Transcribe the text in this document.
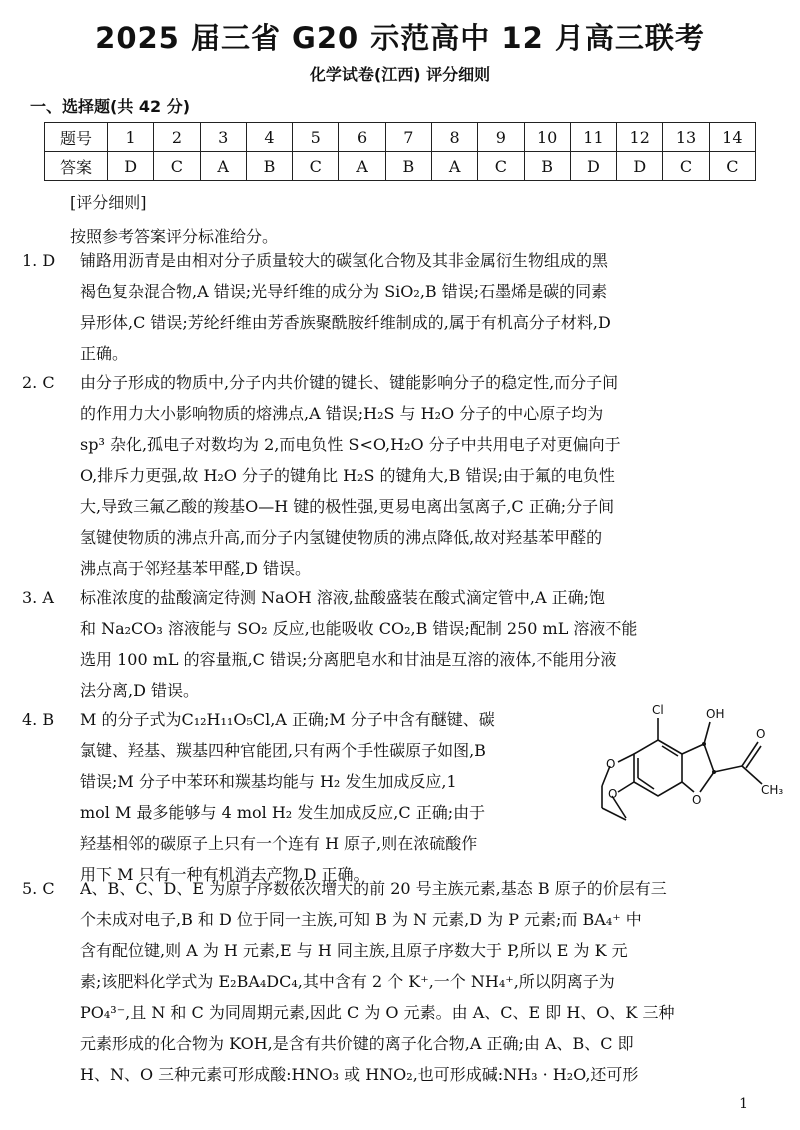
2025 届三省 G20 示范高中 12 月高三联考
化学试卷(江西) 评分细则
一、选择题(共 42 分)
题号	1	2	3	4	5	6	7	8	9	10	11	12	13	14
答案	D	C	A	B	C	A	B	A	C	B	D	D	C	C
[评分细则]
按照参考答案评分标准给分。
1. D	铺路用沥青是由相对分子质量较大的碳氢化合物及其非金属衍生物组成的黑
褐色复杂混合物,A 错误;光导纤维的成分为 SiO₂,B 错误;石墨烯是碳的同素
异形体,C 错误;芳纶纤维由芳香族聚酰胺纤维制成的,属于有机高分子材料,D
正确。
2. C	由分子形成的物质中,分子内共价键的键长、键能影响分子的稳定性,而分子间
的作用力大小影响物质的熔沸点,A 错误;H₂S 与 H₂O 分子的中心原子均为
sp³ 杂化,孤电子对数均为 2,而电负性 S<O,H₂O 分子中共用电子对更偏向于
O,排斥力更强,故 H₂O 分子的键角比 H₂S 的键角大,B 错误;由于氟的电负性
大,导致三氟乙酸的羧基O—H 键的极性强,更易电离出氢离子,C 正确;分子间
氢键使物质的沸点升高,而分子内氢键使物质的沸点降低,故对羟基苯甲醛的
沸点高于邻羟基苯甲醛,D 错误。
3. A	标准浓度的盐酸滴定待测 NaOH 溶液,盐酸盛装在酸式滴定管中,A 正确;饱
和 Na₂CO₃ 溶液能与 SO₂ 反应,也能吸收 CO₂,B 错误;配制 250 mL 溶液不能
选用 100 mL 的容量瓶,C 错误;分离肥皂水和甘油是互溶的液体,不能用分液
法分离,D 错误。
4. B	M 的分子式为C₁₂H₁₁O₅Cl,A 正确;M 分子中含有醚键、碳
氯键、羟基、羰基四种官能团,只有两个手性碳原子如图,B
错误;M 分子中苯环和羰基均能与 H₂ 发生加成反应,1
mol M 最多能够与 4 mol H₂ 发生加成反应,C 正确;由于
羟基相邻的碳原子上只有一个连有 H 原子,则在浓硫酸作
用下 M 只有一种有机消去产物,D 正确。
Cl	OH
O
CH₃
O
O
O
5. C	A、B、C、D、E 为原子序数依次增大的前 20 号主族元素,基态 B 原子的价层有三
个未成对电子,B 和 D 位于同一主族,可知 B 为 N 元素,D 为 P 元素;而 BA₄⁺ 中
含有配位键,则 A 为 H 元素,E 与 H 同主族,且原子序数大于 P,所以 E 为 K 元
素;该肥料化学式为 E₂BA₄DC₄,其中含有 2 个 K⁺,一个 NH₄⁺,所以阴离子为
PO₄³⁻,且 N 和 C 为同周期元素,因此 C 为 O 元素。由 A、C、E 即 H、O、K 三种
元素形成的化合物为 KOH,是含有共价键的离子化合物,A 正确;由 A、B、C 即
H、N、O 三种元素可形成酸:HNO₃ 或 HNO₂,也可形成碱:NH₃ · H₂O,还可形
1
